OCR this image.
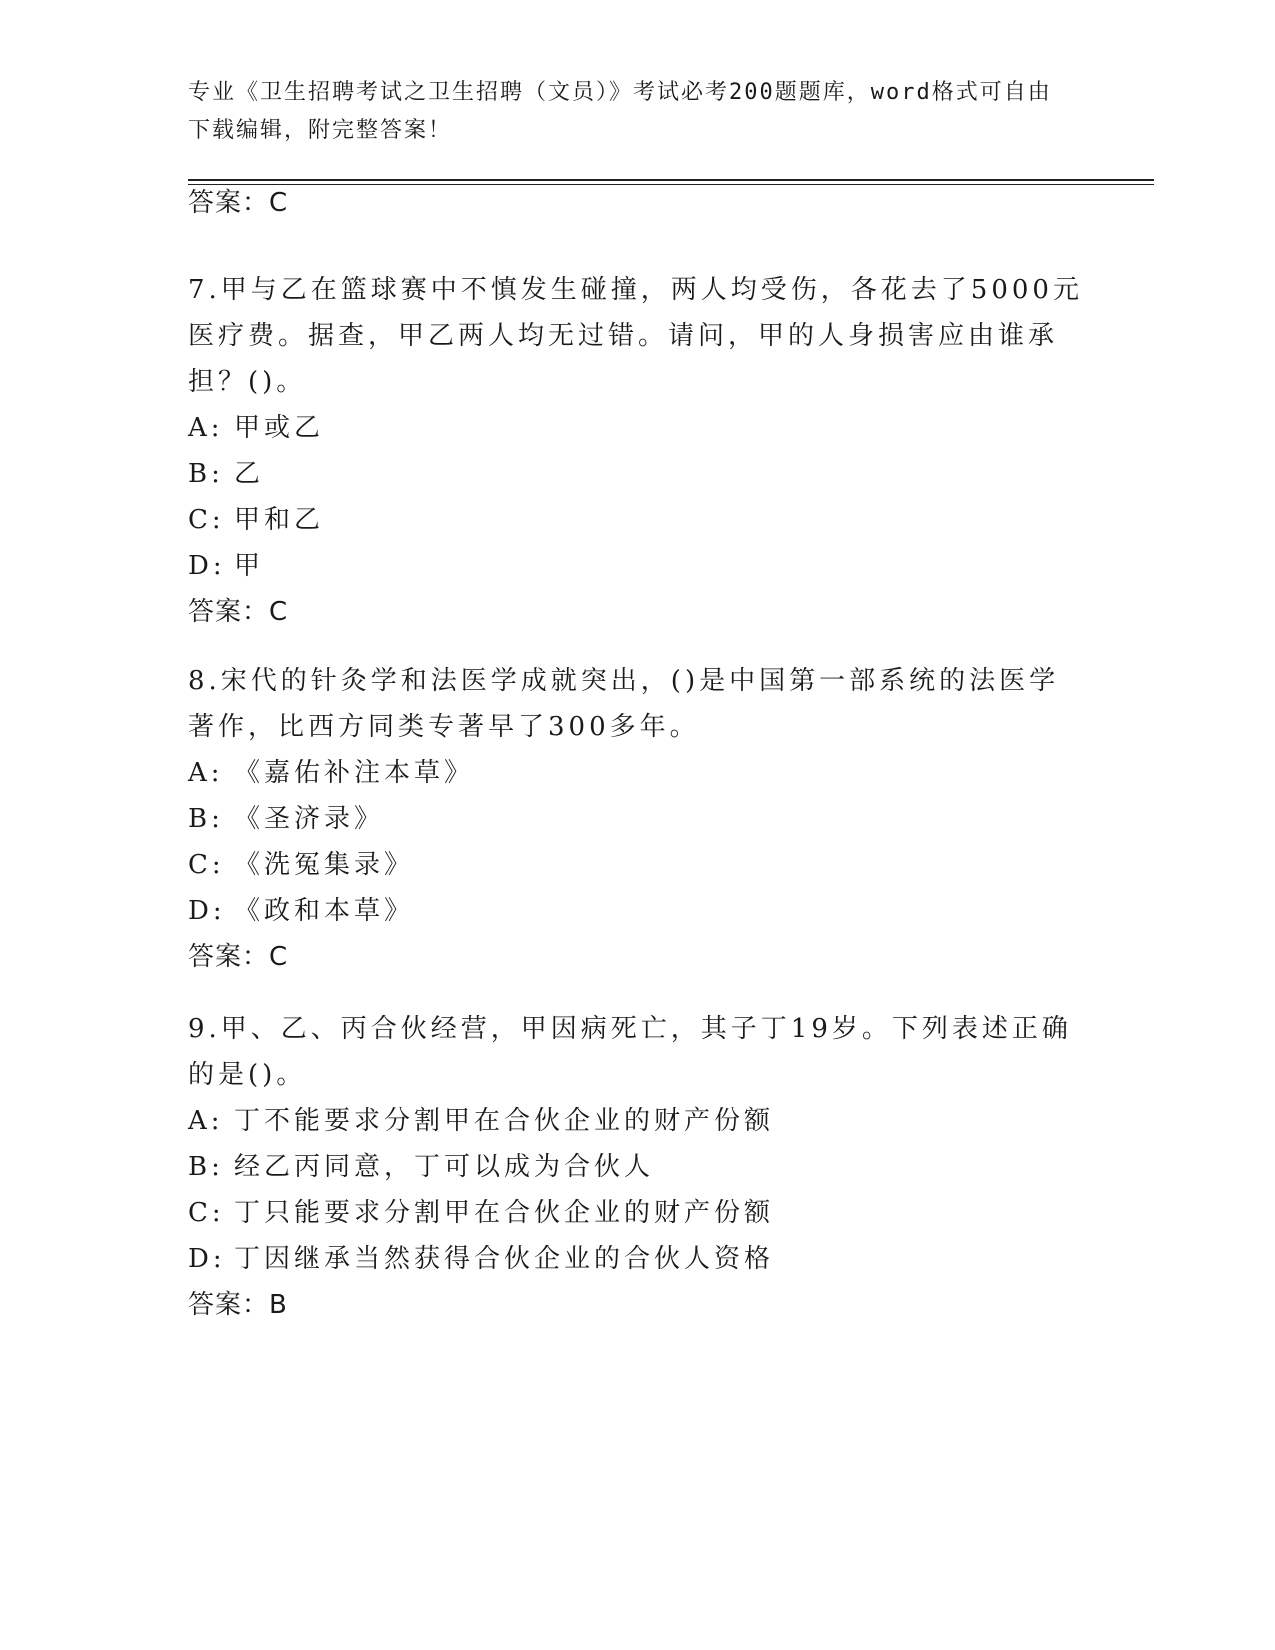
专业《卫生招聘考试之卫生招聘（文员）》考试必考200题题库，word格式可自由下载编辑，附完整答案！
答案：C
7.甲与乙在篮球赛中不慎发生碰撞，两人均受伤，各花去了5000元医疗费。据查，甲乙两人均无过错。请问，甲的人身损害应由谁承担？()。
A: 甲或乙
B: 乙
C: 甲和乙
D: 甲
答案：C
8.宋代的针灸学和法医学成就突出，()是中国第一部系统的法医学著作，比西方同类专著早了300多年。
A: 《嘉佑补注本草》
B: 《圣济录》
C: 《洗冤集录》
D: 《政和本草》
答案：C
9.甲、乙、丙合伙经营，甲因病死亡，其子丁19岁。下列表述正确的是()。
A: 丁不能要求分割甲在合伙企业的财产份额
B: 经乙丙同意，丁可以成为合伙人
C: 丁只能要求分割甲在合伙企业的财产份额
D: 丁因继承当然获得合伙企业的合伙人资格
答案：B
